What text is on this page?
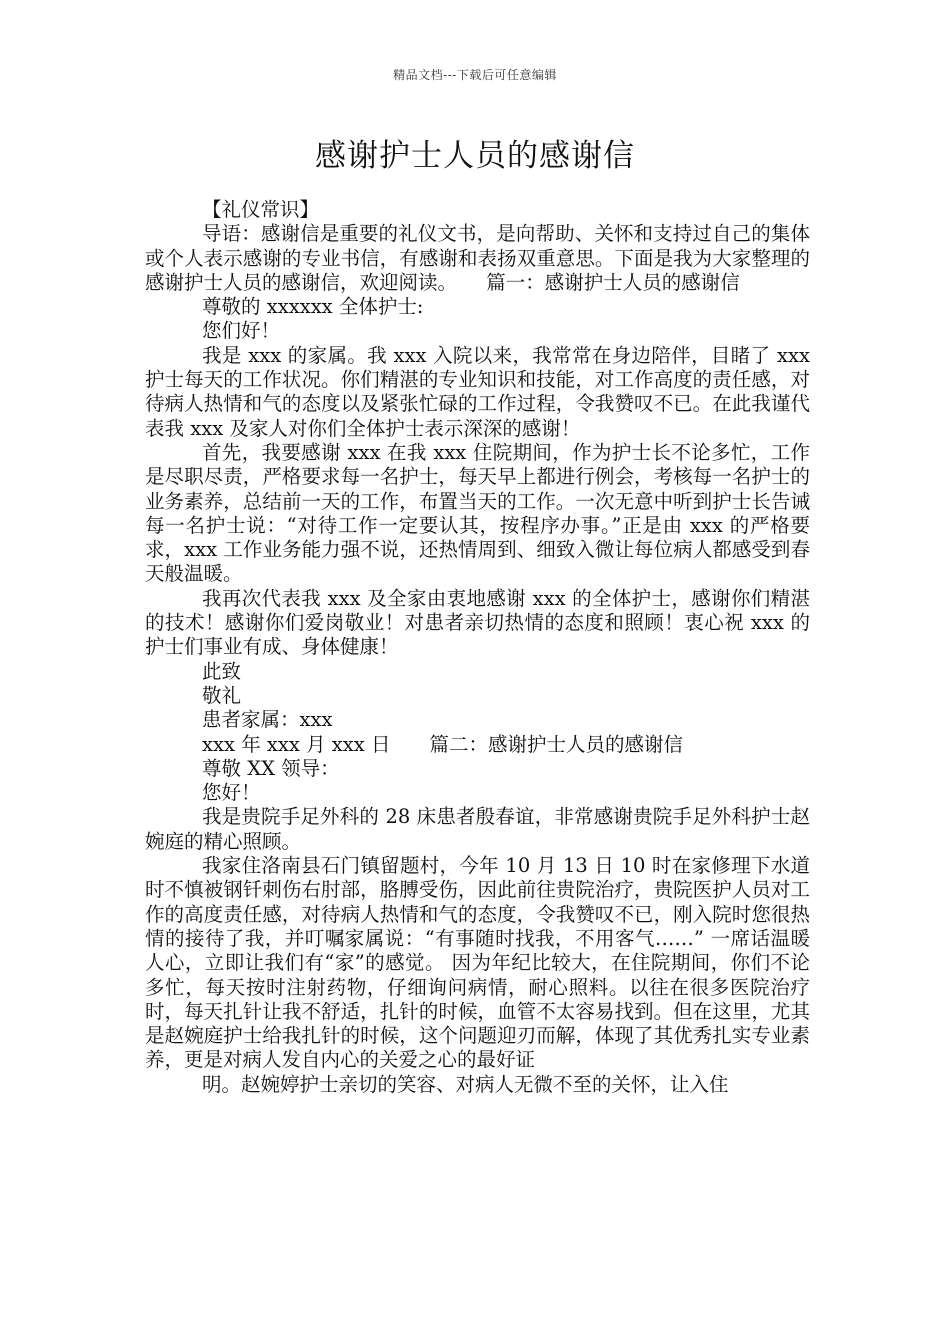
精品文档---下载后可任意编辑
感谢护士人员的感谢信

【礼仪常识】

导语：感谢信是重要的礼仪文书，是向帮助、关怀和支持过自己的集体或个人表示感谢的专业书信，有感谢和表扬双重意思。下面是我为大家整理的感谢护士人员的感谢信，欢迎阅读。　　篇一：感谢护士人员的感谢信

尊敬的 xxxxxx 全体护士:

您们好！

我是 xxx 的家属。我 xxx 入院以来，我常常在身边陪伴，目睹了 xxx 护士每天的工作状况。你们精湛的专业知识和技能，对工作高度的责任感，对待病人热情和气的态度以及紧张忙碌的工作过程，令我赞叹不已。在此我谨代表我 xxx 及家人对你们全体护士表示深深的感谢！

首先，我要感谢 xxx 在我 xxx 住院期间，作为护士长不论多忙，工作是尽职尽责，严格要求每一名护士，每天早上都进行例会，考核每一名护士的业务素养，总结前一天的工作，布置当天的工作。一次无意中听到护士长告诫每一名护士说：“对待工作一定要认其，按程序办事。”正是由 xxx 的严格要求，xxx 工作业务能力强不说，还热情周到、细致入微让每位病人都感受到春天般温暖。

我再次代表我 xxx 及全家由衷地感谢 xxx 的全体护士，感谢你们精湛的技术！感谢你们爱岗敬业！对患者亲切热情的态度和照顾！衷心祝 xxx 的护士们事业有成、身体健康！

此致

敬礼

患者家属：xxx

xxx 年 xxx 月 xxx 日　　篇二：感谢护士人员的感谢信

尊敬 XX 领导：

您好！

我是贵院手足外科的 28 床患者殷春谊，非常感谢贵院手足外科护士赵婉庭的精心照顾。

我家住洛南县石门镇留题村，今年 10 月 13 日 10 时在家修理下水道时不慎被钢钎刺伤右肘部，胳膊受伤，因此前往贵院治疗，贵院医护人员对工作的高度责任感，对待病人热情和气的态度，令我赞叹不已，刚入院时您很热情的接待了我，并叮嘱家属说：“有事随时找我，不用客气……” 一席话温暖人心，立即让我们有“家”的感觉。 因为年纪比较大，在住院期间，你们不论多忙，每天按时注射药物，仔细询问病情，耐心照料。以往在很多医院治疗时，每天扎针让我不舒适，扎针的时候，血管不太容易找到。但在这里，尤其是赵婉庭护士给我扎针的时候，这个问题迎刃而解，体现了其优秀扎实专业素养，更是对病人发自内心的关爱之心的最好证

明。赵婉婷护士亲切的笑容、对病人无微不至的关怀，让入住
